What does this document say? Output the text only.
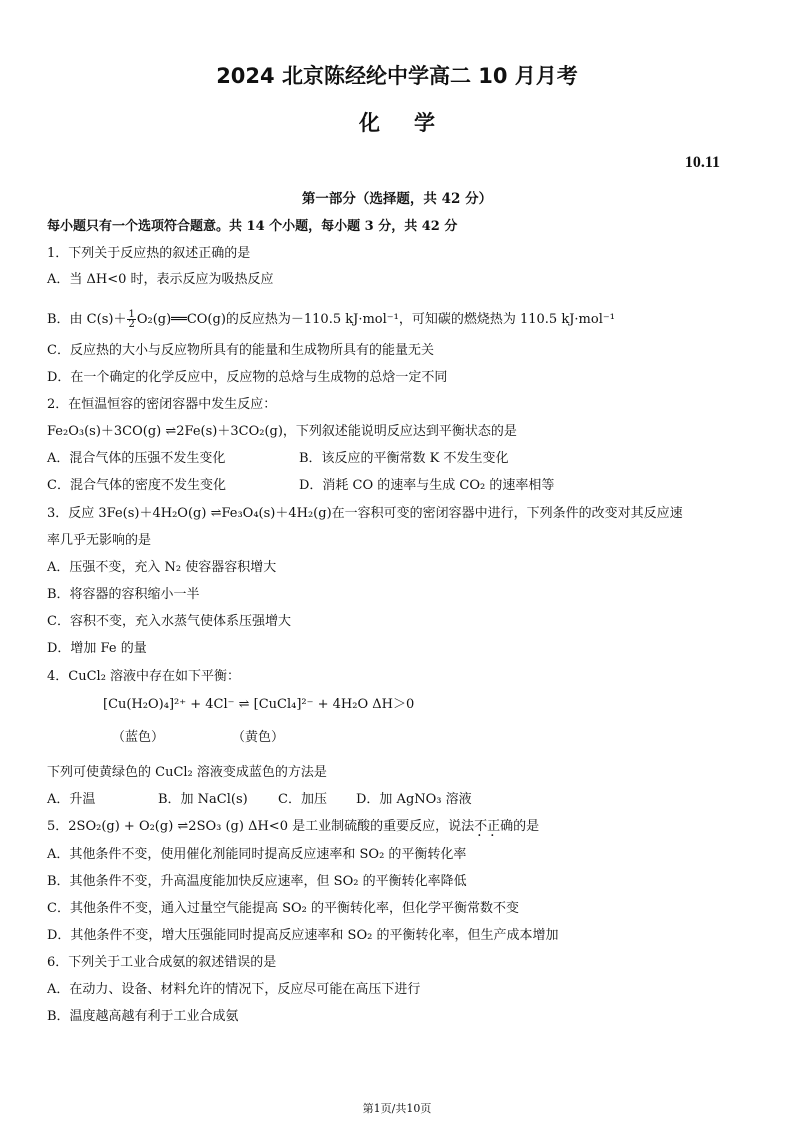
2024 北京陈经纶中学高二 10 月月考
化学
10.11
第一部分（选择题，共 42 分）
每小题只有一个选项符合题意。共 14 个小题，每小题 3 分，共 42 分
1．下列关于反应热的叙述正确的是
A．当 ΔH<0 时，表示反应为吸热反应
B．由 $C(s)+ \frac{1}{2}$ O₂(g)══CO(g)的反应热为－110.5 kJ·mol⁻¹，可知碳的燃烧热为 110.5 kJ·mol⁻¹
C．反应热的大小与反应物所具有的能量和生成物所具有的能量无关
D．在一个确定的化学反应中，反应物的总焓与生成物的总焓一定不同
2．在恒温恒容的密闭容器中发生反应：
Fe₂O₃(s)＋3CO(g) ⇌2Fe(s)＋3CO₂(g)，下列叙述能说明反应达到平衡状态的是
A．混合气体的压强不发生变化	B．该反应的平衡常数 K 不发生变化
C．混合气体的密度不发生变化	D．消耗 CO 的速率与生成 CO₂ 的速率相等
3．反应 3Fe(s)＋4H₂O(g) ⇌Fe₃O₄(s)＋4H₂(g)在一容积可变的密闭容器中进行，下列条件的改变对其反应速
率几乎无影响的是
A．压强不变，充入 N₂ 使容器容积增大
B．将容器的容积缩小一半
C．容积不变，充入水蒸气使体系压强增大
D．增加 Fe 的量
4．CuCl₂ 溶液中存在如下平衡：
[Cu(H₂O)₄]²⁺ + 4Cl⁻ ⇌ [CuCl₄]²⁻ + 4H₂O ΔH＞0
（蓝色）	（黄色）
下列可使黄绿色的 CuCl₂ 溶液变成蓝色的方法是
A．升温	B．加 NaCl(s) C．加压 D．加 AgNO₃ 溶液
5．2SO₂(g) + O₂(g) ⇌2SO₃ (g) ΔH<0 是工业制硫酸的重要反应，说法不正确的是
A．其他条件不变，使用催化剂能同时提高反应速率和 SO₂ 的平衡转化率
B．其他条件不变，升高温度能加快反应速率，但 SO₂ 的平衡转化率降低
C．其他条件不变，通入过量空气能提高 SO₂ 的平衡转化率，但化学平衡常数不变
D．其他条件不变，增大压强能同时提高反应速率和 SO₂ 的平衡转化率，但生产成本增加
6．下列关于工业合成氨的叙述错误的是
A．在动力、设备、材料允许的情况下，反应尽可能在高压下进行
B．温度越高越有利于工业合成氨
第1页/共10页
